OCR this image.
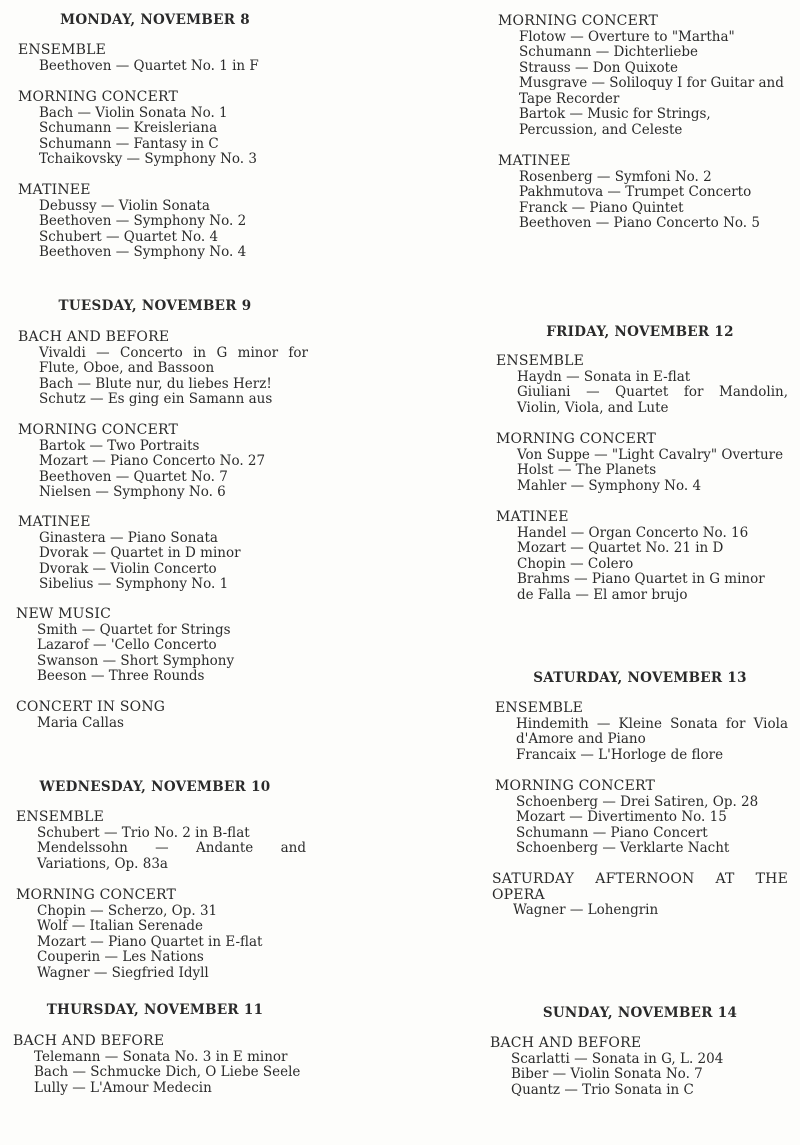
MONDAY, NOVEMBER 8

ENSEMBLE

Beethoven — Quartet No. 1 in F

MORNING CONCERT

Bach — Violin Sonata No. 1
Schumann — Kreisleriana
Schumann — Fantasy in C
Tchaikovsky — Symphony No. 3

MATINEE

Debussy — Violin Sonata
Beethoven — Symphony No. 2
Schubert — Quartet No. 4
Beethoven — Symphony No. 4
TUESDAY, NOVEMBER 9

BACH AND BEFORE

Vivaldi — Concerto in G minor for Flute, Oboe, and Bassoon
Bach — Blute nur, du liebes Herz!
Schutz — Es ging ein Samann aus

MORNING CONCERT

Bartok — Two Portraits
Mozart — Piano Concerto No. 27
Beethoven — Quartet No. 7
Nielsen — Symphony No. 6

MATINEE

Ginastera — Piano Sonata
Dvorak — Quartet in D minor
Dvorak — Violin Concerto
Sibelius — Symphony No. 1

NEW MUSIC

Smith — Quartet for Strings
Lazarof — 'Cello Concerto
Swanson — Short Symphony
Beeson — Three Rounds

CONCERT IN SONG

Maria Callas
WEDNESDAY, NOVEMBER 10

ENSEMBLE

Schubert — Trio No. 2 in B-flat
Mendelssohn — Andante and Variations, Op. 83a

MORNING CONCERT

Chopin — Scherzo, Op. 31
Wolf — Italian Serenade
Mozart — Piano Quartet in E-flat
Couperin — Les Nations
Wagner — Siegfried Idyll
THURSDAY, NOVEMBER 11

BACH AND BEFORE

Telemann — Sonata No. 3 in E minor
Bach — Schmucke Dich, O Liebe Seele
Lully — L'Amour Medecin

MORNING CONCERT

Flotow — Overture to "Martha"
Schumann — Dichterliebe
Strauss — Don Quixote
Musgrave — Soliloquy I for Guitar and Tape Recorder
Bartok — Music for Strings, Percussion, and Celeste

MATINEE

Rosenberg — Symfoni No. 2
Pakhmutova — Trumpet Concerto
Franck — Piano Quintet
Beethoven — Piano Concerto No. 5
FRIDAY, NOVEMBER 12

ENSEMBLE

Haydn — Sonata in E-flat
Giuliani — Quartet for Mandolin, Violin, Viola, and Lute

MORNING CONCERT

Von Suppe — "Light Cavalry" Overture
Holst — The Planets
Mahler — Symphony No. 4

MATINEE

Handel — Organ Concerto No. 16
Mozart — Quartet No. 21 in D
Chopin — Colero
Brahms — Piano Quartet in G minor
de Falla — El amor brujo
SATURDAY, NOVEMBER 13

ENSEMBLE

Hindemith — Kleine Sonata for Viola d'Amore and Piano
Francaix — L'Horloge de flore

MORNING CONCERT

Schoenberg — Drei Satiren, Op. 28
Mozart — Divertimento No. 15
Schumann — Piano Concert
Schoenberg — Verklarte Nacht

SATURDAY AFTERNOON AT THE OPERA

Wagner — Lohengrin
SUNDAY, NOVEMBER 14

BACH AND BEFORE

Scarlatti — Sonata in G, L. 204
Biber — Violin Sonata No. 7
Quantz — Trio Sonata in C
